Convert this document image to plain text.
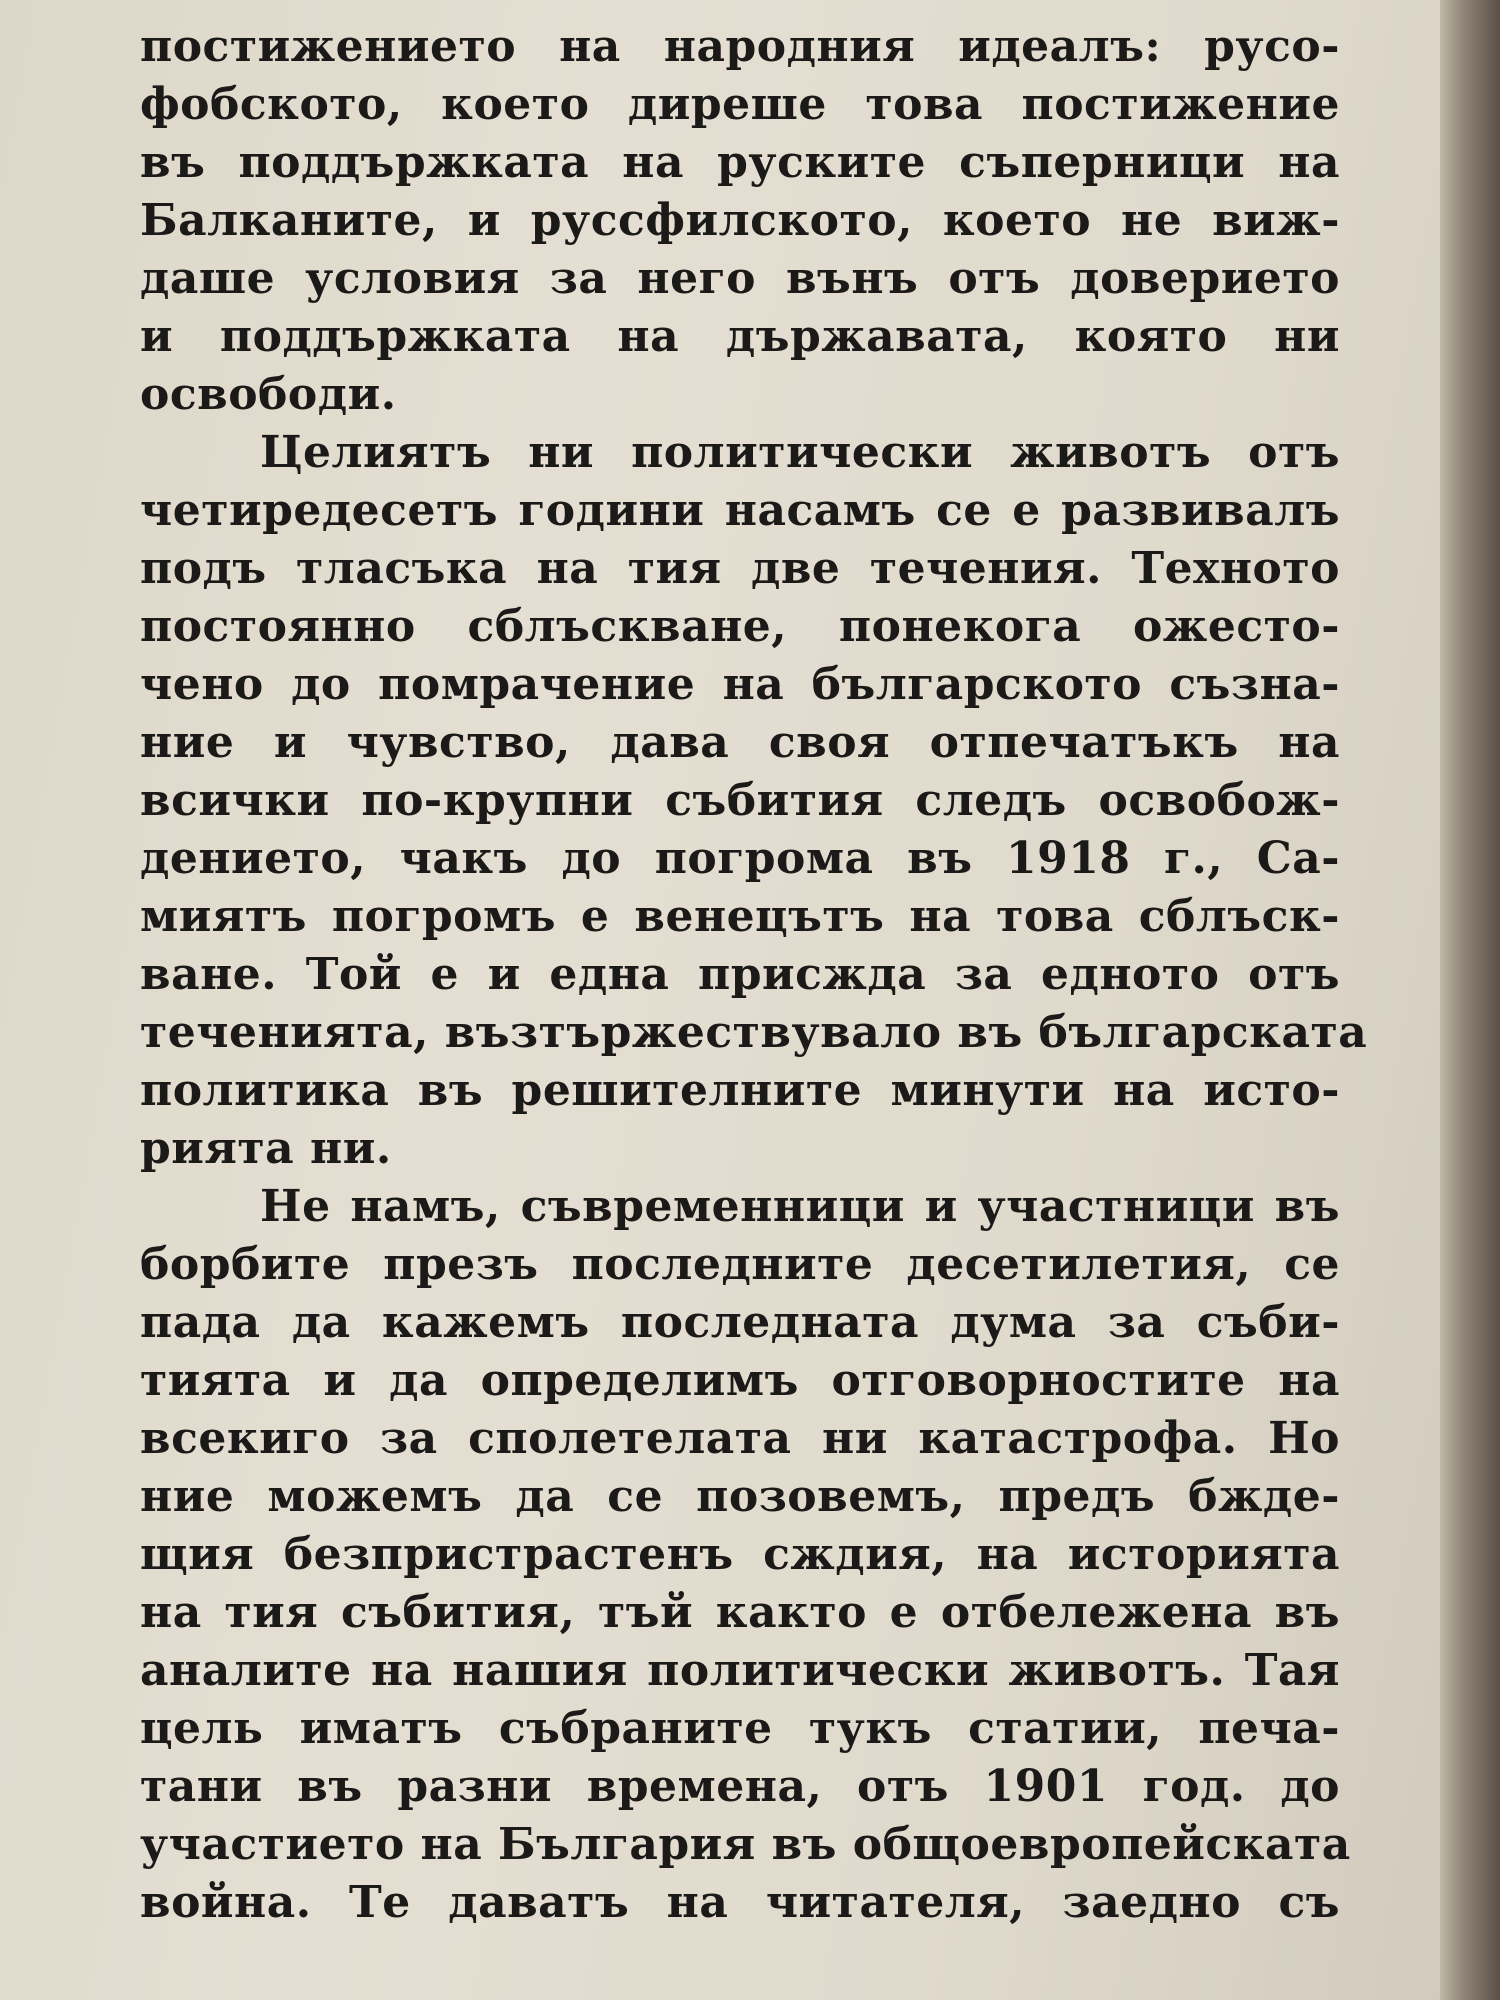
постижението на народния идеалъ: русо-
фобското, което диреше това постижение
въ поддържката на руските съперници на
Балканите, и руссфилското, което не виж-
даше условия за него вънъ отъ доверието
и поддържката на държавата, която ни
освободи.
Целиятъ ни политически животъ отъ
четиредесетъ години насамъ се е развивалъ
подъ тласъка на тия две течения. Техното
постоянно сблъскване, понекога ожесто-
чено до помрачение на българското съзна-
ние и чувство, дава своя отпечатъкъ на
всички по-крупни събития следъ освобож-
дението, чакъ до погрома въ 1918 г., Са-
миятъ погромъ е венецътъ на това сблъск-
ване. Той е и една присжда за едното отъ
теченията, възтържествувало въ българската
политика въ решителните минути на исто-
рията ни.
Не намъ, съвременници и участници въ
борбите презъ последните десетилетия, се
пада да кажемъ последната дума за съби-
тията и да определимъ отговорностите на
всекиго за сполетелата ни катастрофа. Но
ние можемъ да се позовемъ, предъ бжде-
щия безпристрастенъ сждия, на историята
на тия събития, тъй както е отбележена въ
аналите на нашия политически животъ. Тая
цель иматъ събраните тукъ статии, печа-
тани въ разни времена, отъ 1901 год. до
участието на България въ общоевропейската
война. Те даватъ на читателя, заедно съ
